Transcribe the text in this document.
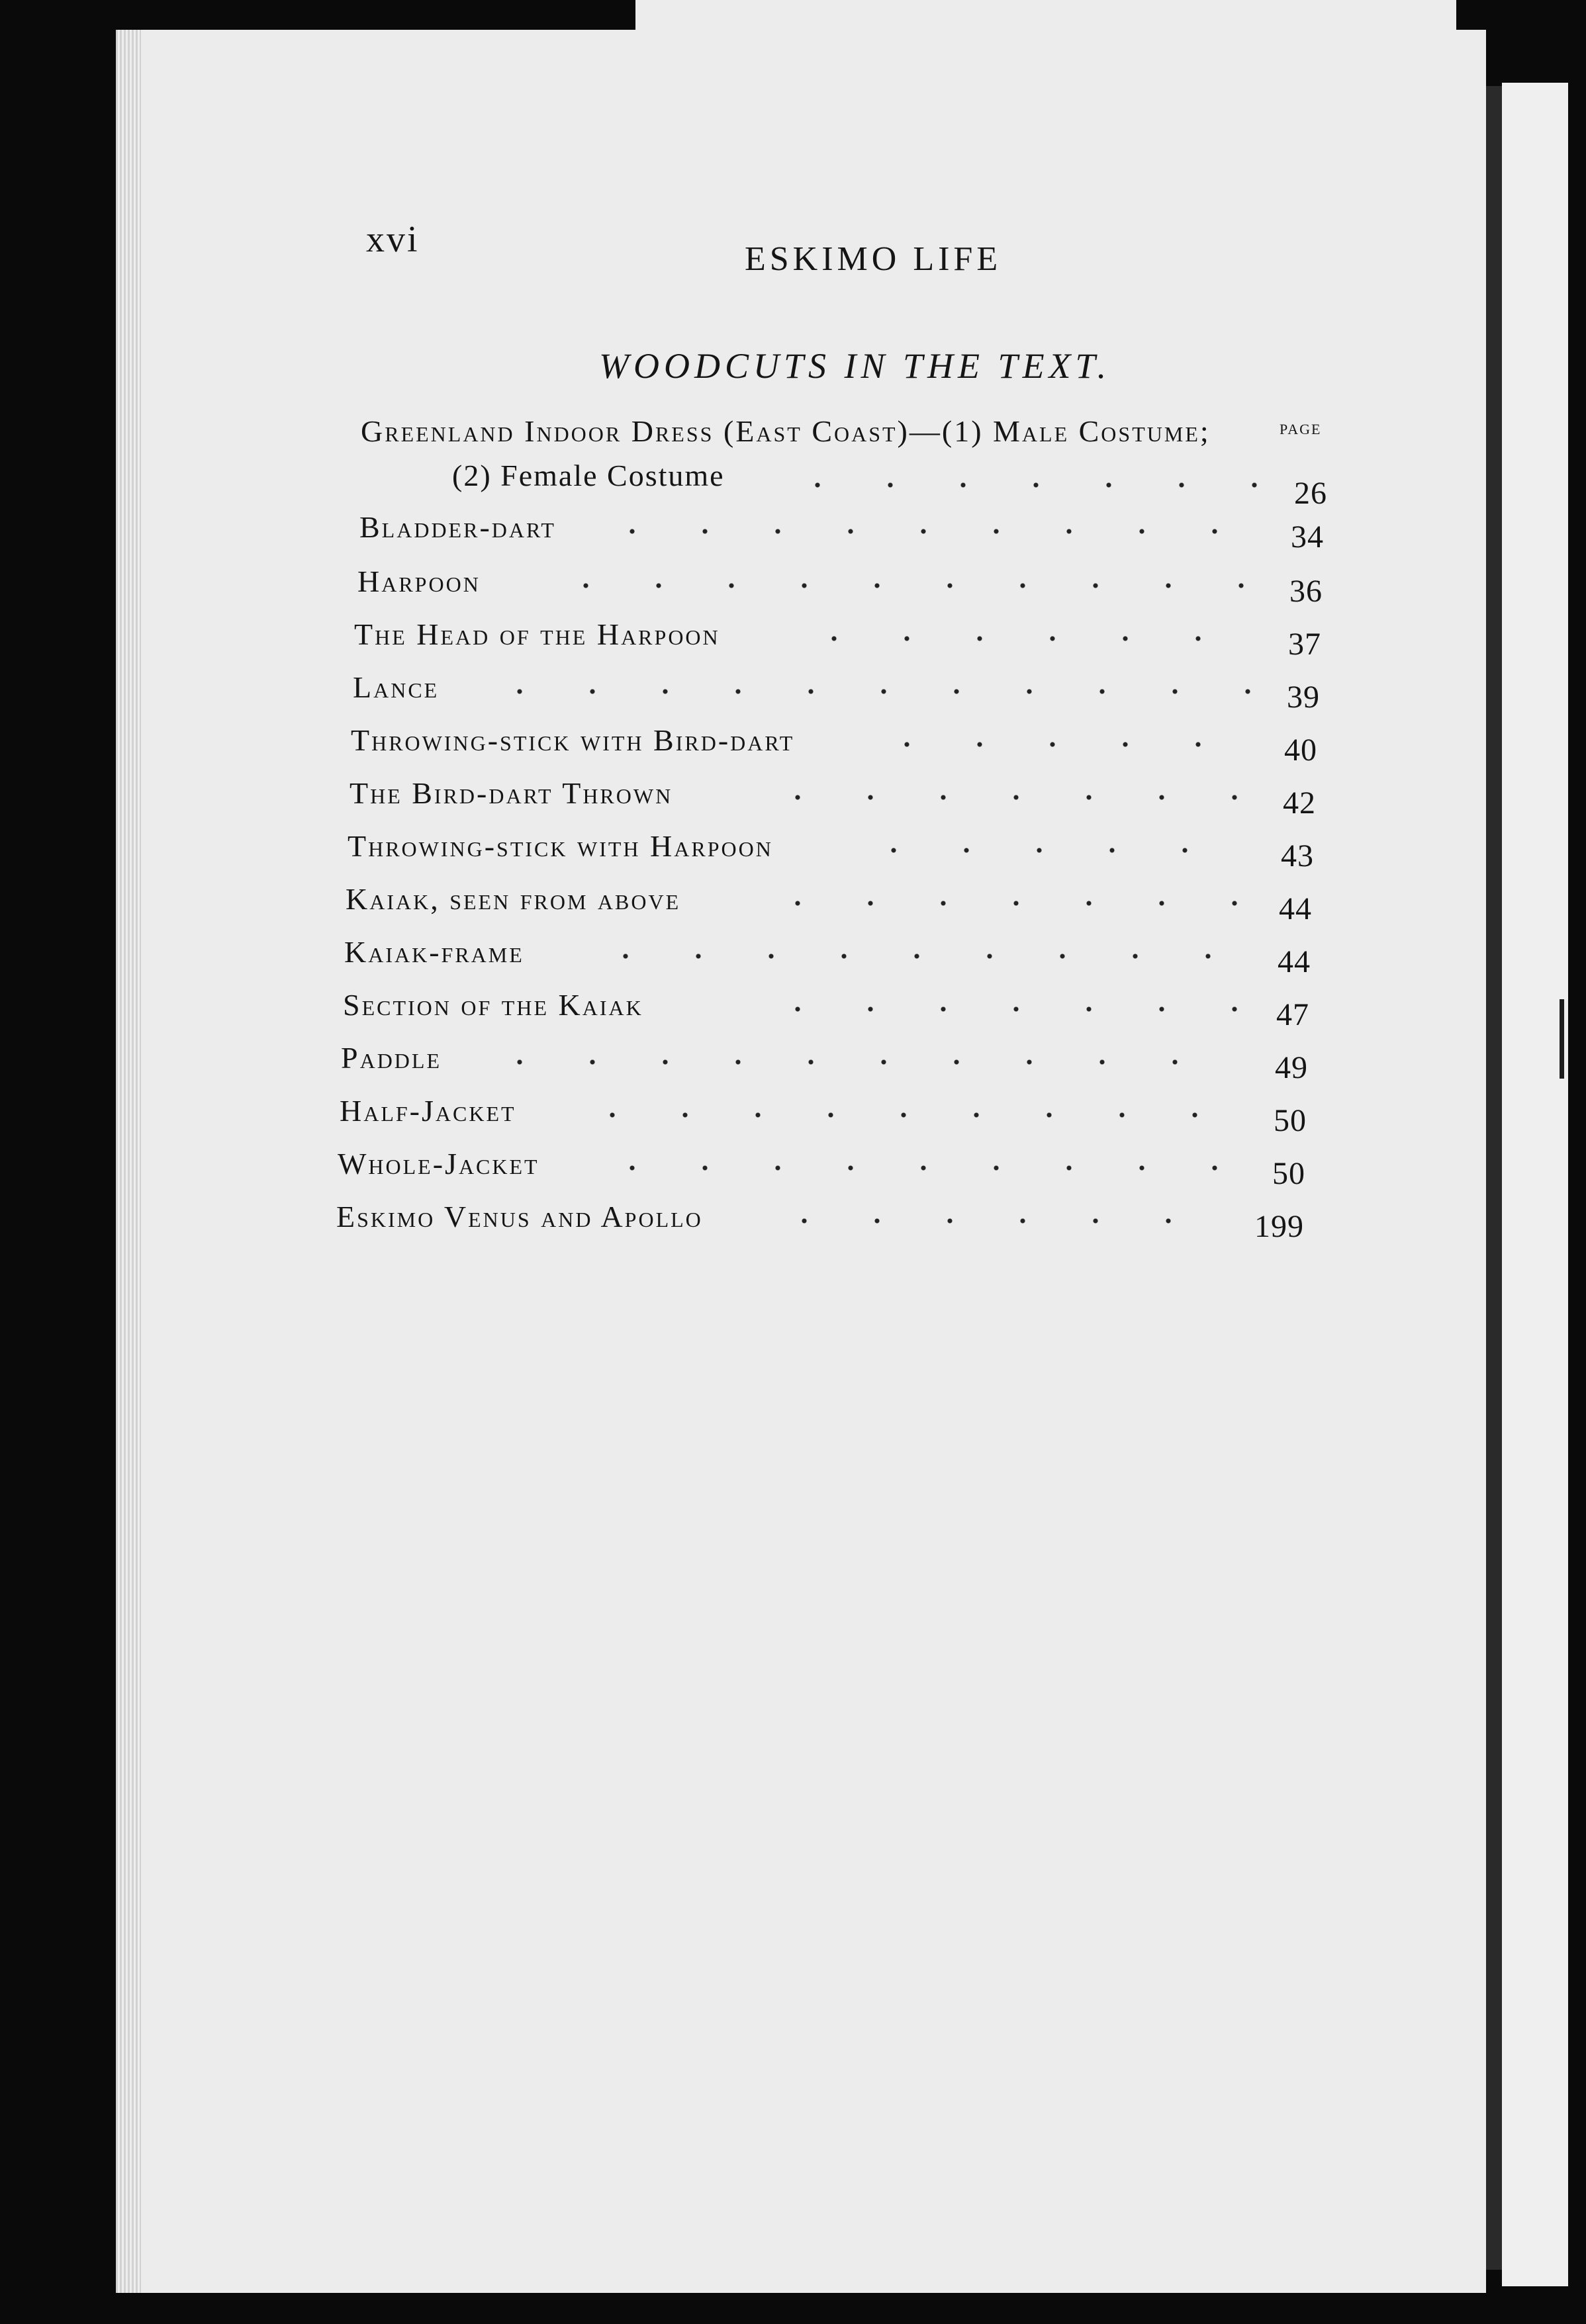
xvi	ESKIMO LIFE
WOODCUTS IN THE TEXT.
PAGE
Greenland Indoor Dress (East Coast)—(1) Male Costume;
(2) Female Costume
26
Bladder-dart	34
Harpoon	36
The Head of the Harpoon	37
Lance	39
Throwing-stick with Bird-dart	40
The Bird-dart Thrown	42
Throwing-stick with Harpoon	43
Kaiak, seen from above	44
Kaiak-frame	44
Section of the Kaiak	47
Paddle	49
Half-Jacket	50
Whole-Jacket	50
Eskimo Venus and Apollo	199
